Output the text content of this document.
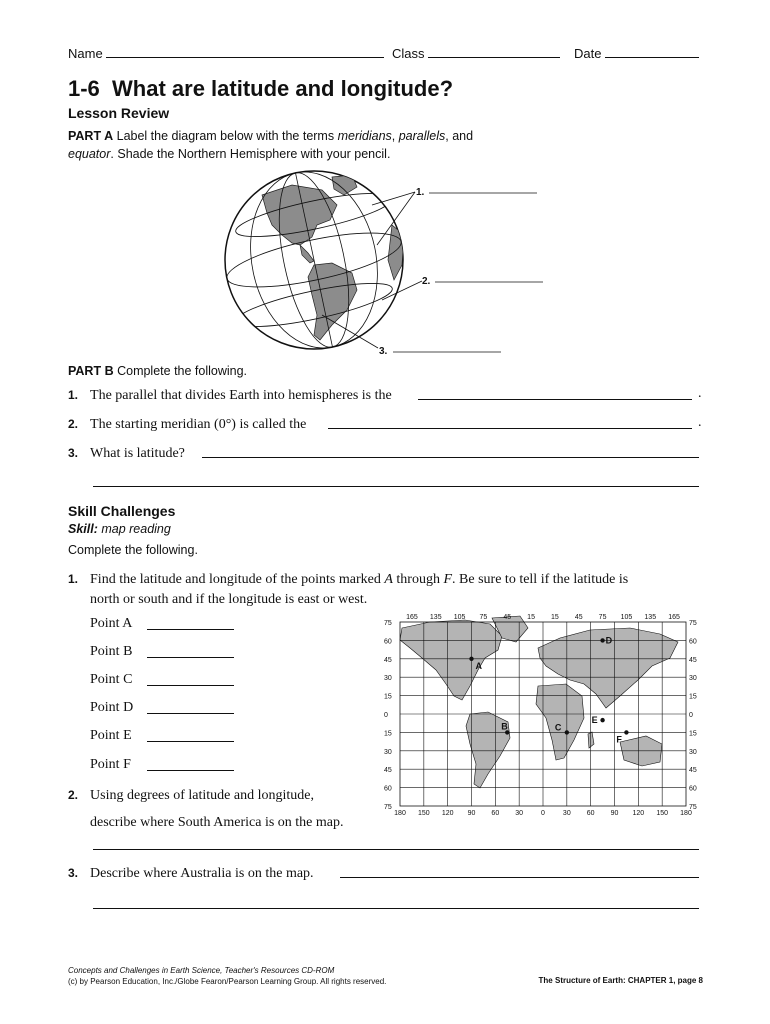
Name	Class	Date
1-6  What are latitude and longitude?
Lesson Review
PART A Label the diagram below with the terms meridians, parallels, and
equator. Shade the Northern Hemisphere with your pencil.
1.
2.
3.
PART B Complete the following.
1. The parallel that divides Earth into hemispheres is the	.
2. The starting meridian (0°) is called the	.
3. What is latitude?
Skill Challenges
Skill: map reading
Complete the following.
1. Find the latitude and longitude of the points marked A through F. Be sure to tell if the latitude is
north or south and if the longitude is east or west.
Point A
Point B
Point C
Point D
Point E
Point F
2. Using degrees of latitude and longitude,
describe where South America is on the map.
3. Describe where Australia is on the map.
165 135 105 75 45 15 15 45 75 105 135 165
180 150 120 90 60 30	0	30 60 90 120 150 180
75
60
45
30
15
0
15
30
45
60
75
75
60
45
30
15
0
15
30
45
60
75
A
B	C
D
E
F
Concepts and Challenges in Earth Science, Teacher's Resources CD-ROM
(c) by Pearson Education, Inc./Globe Fearon/Pearson Learning Group. All rights reserved.	The Structure of Earth: CHAPTER 1, page 8
